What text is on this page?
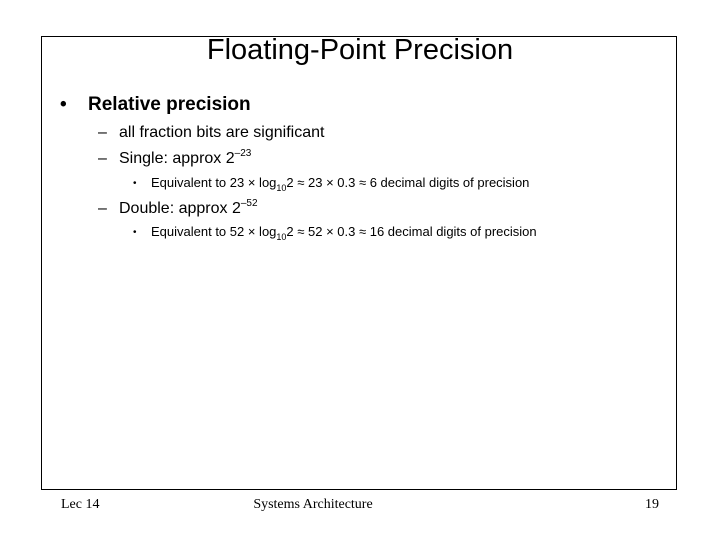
Floating-Point Precision
• Relative precision
– all fraction bits are significant
– Single: approx $2^{-23}$
• Equivalent to $23 \times \log_{10}2 \approx 23 \times 0.3 \approx 6$ decimal digits of precision
– Double: approx $2^{-52}$
• Equivalent to $52 \times \log_{10}2 \approx 52 \times 0.3 \approx 16$ decimal digits of precision
Lec 14	Systems Architecture	19
